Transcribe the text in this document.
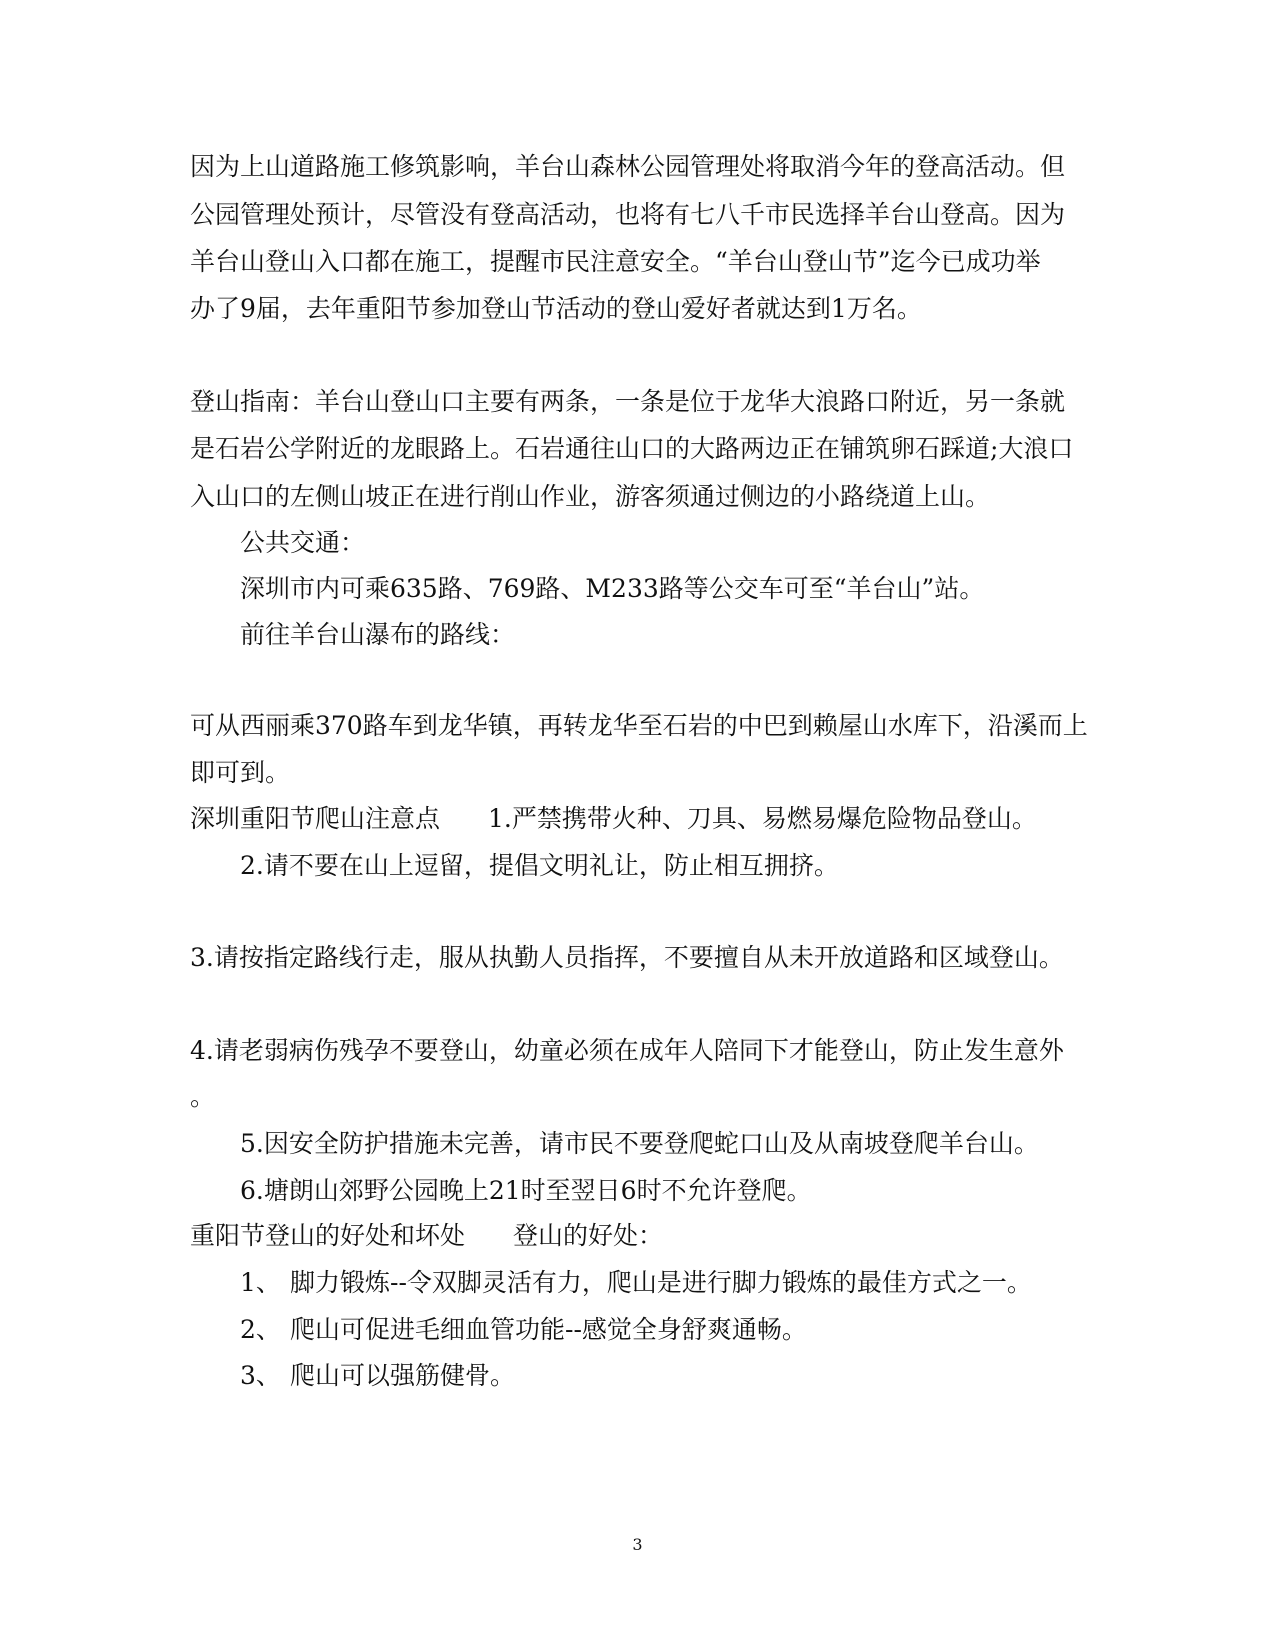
因为上山道路施工修筑影响，羊台山森林公园管理处将取消今年的登高活动。但
公园管理处预计，尽管没有登高活动，也将有七八千市民选择羊台山登高。因为
羊台山登山入口都在施工，提醒市民注意安全。“羊台山登山节”迄今已成功举
办了9届，去年重阳节参加登山节活动的登山爱好者就达到1万名。
登山指南：羊台山登山口主要有两条，一条是位于龙华大浪路口附近，另一条就
是石岩公学附近的龙眼路上。石岩通往山口的大路两边正在铺筑卵石踩道;大浪口
入山口的左侧山坡正在进行削山作业，游客须通过侧边的小路绕道上山。
公共交通：
深圳市内可乘635路、769路、M233路等公交车可至“羊台山”站。
前往羊台山瀑布的路线：
可从西丽乘370路车到龙华镇，再转龙华至石岩的中巴到赖屋山水库下，沿溪而上
即可到。
深圳重阳节爬山注意点 1.严禁携带火种、刀具、易燃易爆危险物品登山。
2.请不要在山上逗留，提倡文明礼让，防止相互拥挤。
3.请按指定路线行走，服从执勤人员指挥，不要擅自从未开放道路和区域登山。
4.请老弱病伤残孕不要登山，幼童必须在成年人陪同下才能登山，防止发生意外
。
5.因安全防护措施未完善，请市民不要登爬蛇口山及从南坡登爬羊台山。
6.塘朗山郊野公园晚上21时至翌日6时不允许登爬。
重阳节登山的好处和坏处 登山的好处：
1、 脚力锻炼--令双脚灵活有力，爬山是进行脚力锻炼的最佳方式之一。
2、 爬山可促进毛细血管功能--感觉全身舒爽通畅。
3、 爬山可以强筋健骨。
3
